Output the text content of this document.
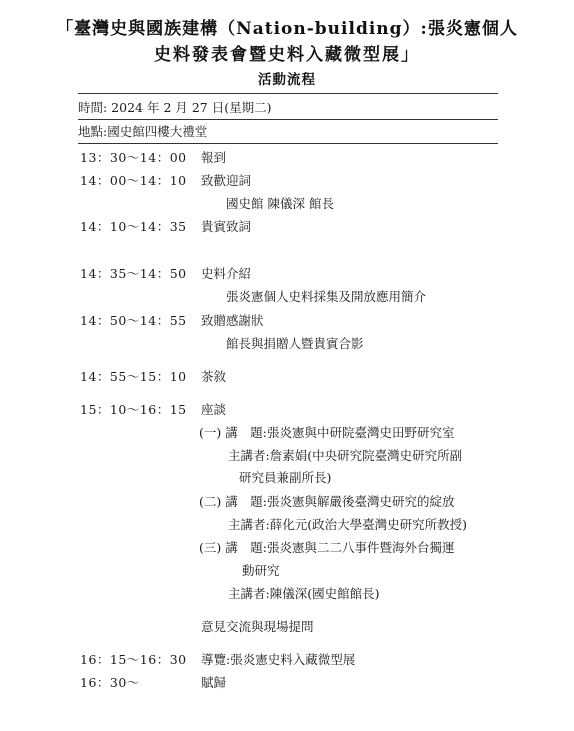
「臺灣史與國族建構（Nation-building）:張炎憲個人
史料發表會暨史料入藏微型展」
活動流程
時間: 2024 年 2 月 27 日(星期二)
地點:國史館四樓大禮堂
13：30～14：00 報到
14：00～14：10 致歡迎詞
國史館 陳儀深 館長
14：10～14：35 貴賓致詞
14：35～14：50 史料介紹
張炎憲個人史料採集及開放應用簡介
14：50～14：55 致贈感謝狀
館長與捐贈人暨貴賓合影
14：55～15：10 茶敘
15：10～16：15 座談
(一) 講　題:張炎憲與中研院臺灣史田野研究室
主講者:詹素娟(中央研究院臺灣史研究所副
研究員兼副所長)
(二) 講　題:張炎憲與解嚴後臺灣史研究的綻放
主講者:薛化元(政治大學臺灣史研究所教授)
(三) 講　題:張炎憲與二二八事件暨海外台獨運
動研究
主講者:陳儀深(國史館館長)
意見交流與現場提問
16：15～16：30 導覽:張炎憲史料入藏微型展
16：30～	賦歸
